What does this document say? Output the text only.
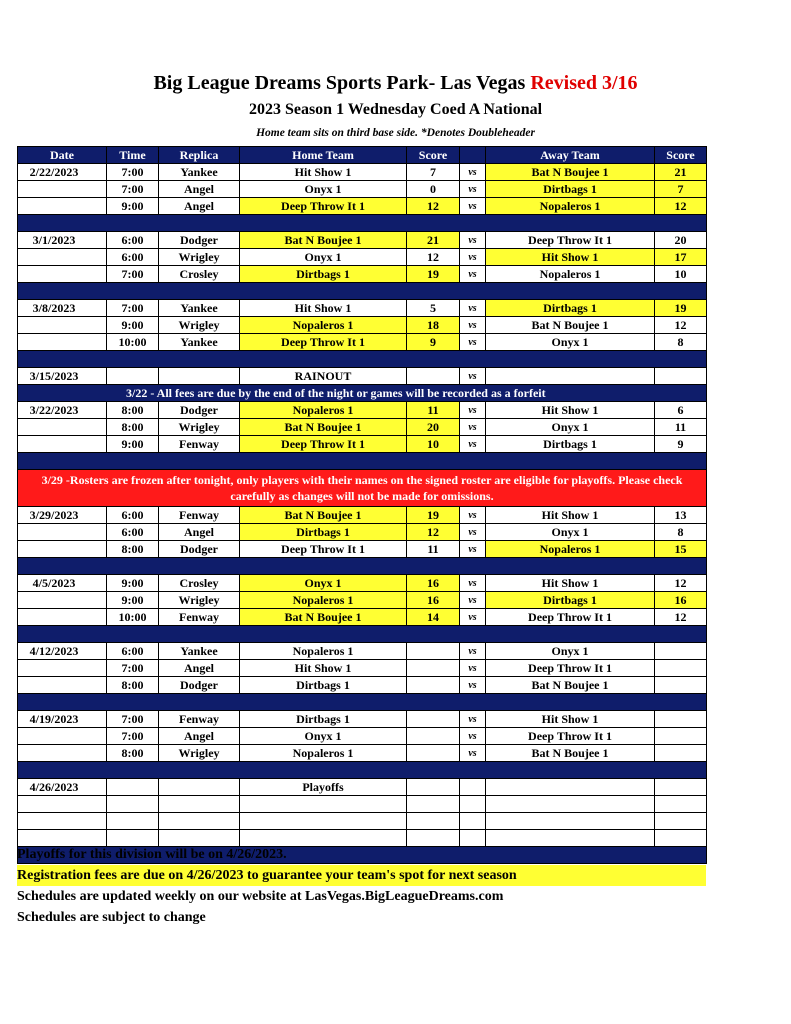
Big League Dreams Sports Park- Las Vegas Revised 3/16
2023 Season 1 Wednesday Coed A National
Home team sits on third base side. *Denotes Doubleheader
Date	Time	Replica	Home Team	Score		Away Team	Score
2/22/2023	7:00	Yankee	Hit Show 1	7	vs	Bat N Boujee 1	21
	7:00	Angel	Onyx 1	0	vs	Dirtbags 1	7
	9:00	Angel	Deep Throw It 1	12	vs	Nopaleros 1	12

3/1/2023	6:00	Dodger	Bat N Boujee 1	21	vs	Deep Throw It 1	20
	6:00	Wrigley	Onyx 1	12	vs	Hit Show 1	17
	7:00	Crosley	Dirtbags 1	19	vs	Nopaleros 1	10

3/8/2023	7:00	Yankee	Hit Show 1	5	vs	Dirtbags 1	19
	9:00	Wrigley	Nopaleros 1	18	vs	Bat N Boujee 1	12
	10:00	Yankee	Deep Throw It 1	9	vs	Onyx 1	8

3/15/2023			RAINOUT		vs		
3/22 - All fees are due by the end of the night or games will be recorded as a forfeit							
3/22/2023	8:00	Dodger	Nopaleros 1	11	vs	Hit Show 1	6
	8:00	Wrigley	Bat N Boujee 1	20	vs	Onyx 1	11
	9:00	Fenway	Deep Throw It 1	10	vs	Dirtbags 1	9

3/29 -Rosters are frozen after tonight, only players with their names on the signed roster are eligible for playoffs. Please check carefully as changes will not be made for omissions.							
3/29/2023	6:00	Fenway	Bat N Boujee 1	19	vs	Hit Show 1	13
	6:00	Angel	Dirtbags 1	12	vs	Onyx 1	8
	8:00	Dodger	Deep Throw It 1	11	vs	Nopaleros 1	15

4/5/2023	9:00	Crosley	Onyx 1	16	vs	Hit Show 1	12
	9:00	Wrigley	Nopaleros 1	16	vs	Dirtbags 1	16
	10:00	Fenway	Bat N Boujee 1	14	vs	Deep Throw It 1	12

4/12/2023	6:00	Yankee	Nopaleros 1		vs	Onyx 1	
	7:00	Angel	Hit Show 1		vs	Deep Throw It 1	
	8:00	Dodger	Dirtbags 1		vs	Bat N Boujee 1	

4/19/2023	7:00	Fenway	Dirtbags 1		vs	Hit Show 1	
	7:00	Angel	Onyx 1		vs	Deep Throw It 1	
	8:00	Wrigley	Nopaleros 1		vs	Bat N Boujee 1	

4/26/2023			Playoffs				

Playoffs for this division will be on 4/26/2023.
Registration fees are due on 4/26/2023 to guarantee your team's spot for next season
Schedules are updated weekly on our website at LasVegas.BigLeagueDreams.com
Schedules are subject to change
